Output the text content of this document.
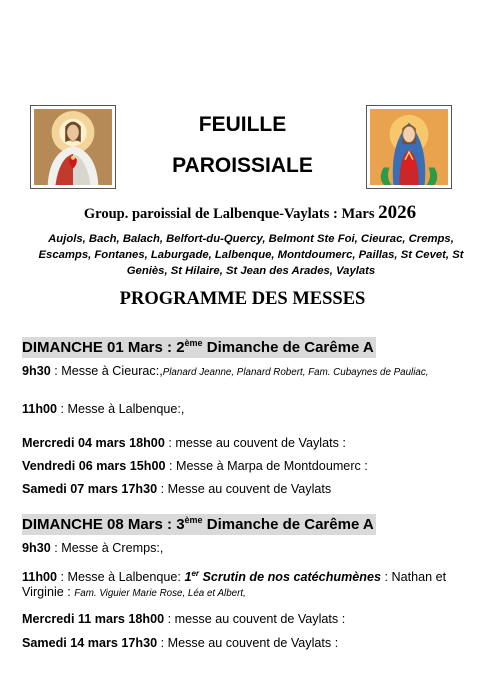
FEUILLE
PAROISSIALE
Group. paroissial de Lalbenque-Vaylats : Mars 2026
Aujols, Bach, Balach, Belfort-du-Quercy, Belmont Ste Foi, Cieurac, Cremps, Escamps, Fontanes, Laburgade, Lalbenque, Montdoumerc, Paillas, St Cevet, St Geniès, St Hilaire, St Jean des Arades, Vaylats
PROGRAMME DES MESSES
DIMANCHE 01 Mars : 2ème Dimanche de Carême A
9h30 : Messe à Cieurac:,Planard Jeanne, Planard Robert, Fam. Cubaynes de Pauliac,
11h00 : Messe à Lalbenque:,
Mercredi 04 mars 18h00 : messe au couvent de Vaylats :
Vendredi 06 mars 15h00 : Messe à Marpa de Montdoumerc :
Samedi 07 mars 17h30 : Messe au couvent de Vaylats
DIMANCHE 08 Mars : 3ème Dimanche de Carême A
9h30 : Messe à Cremps:,
11h00 : Messe à Lalbenque: 1er Scrutin de nos catéchumènes : Nathan et Virginie : Fam. Viguier Marie Rose, Léa et Albert,
Mercredi 11 mars 18h00 : messe au couvent de Vaylats :
Samedi 14 mars 17h30 : Messe au couvent de Vaylats :
